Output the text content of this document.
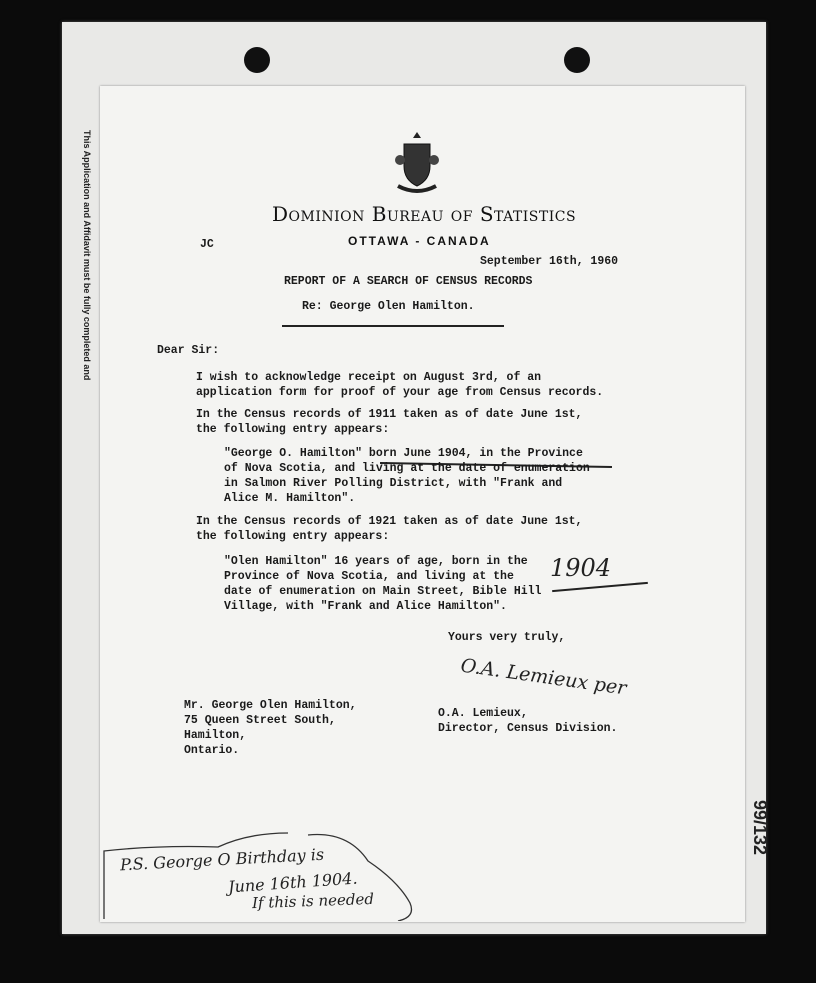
This Application and Affidavit must be fully completed and
99/132
Dominion Bureau of Statistics
OTTAWA - CANADA
JC
September 16th, 1960
REPORT OF A SEARCH OF CENSUS RECORDS
Re: George Olen Hamilton.
Dear Sir:
I wish to acknowledge receipt on August 3rd, of an
application form for proof of your age from Census records.
In the Census records of 1911 taken as of date June 1st,
the following entry appears:
"George O. Hamilton" born June 1904, in the Province
of Nova Scotia, and living at the date of enumeration
in Salmon River Polling District, with "Frank and
Alice M. Hamilton".
In the Census records of 1921 taken as of date June 1st,
the following entry appears:
"Olen Hamilton" 16 years of age, born in the
Province of Nova Scotia, and living at the
date of enumeration on Main Street, Bible Hill
Village, with "Frank and Alice Hamilton".
1904
Yours very truly,
O.A. Lemieux per
Mr. George Olen Hamilton,
75 Queen Street South,
Hamilton,
Ontario.
O.A. Lemieux,
Director, Census Division.
P.S. George O Birthday is
June 16th 1904.
If this is needed
